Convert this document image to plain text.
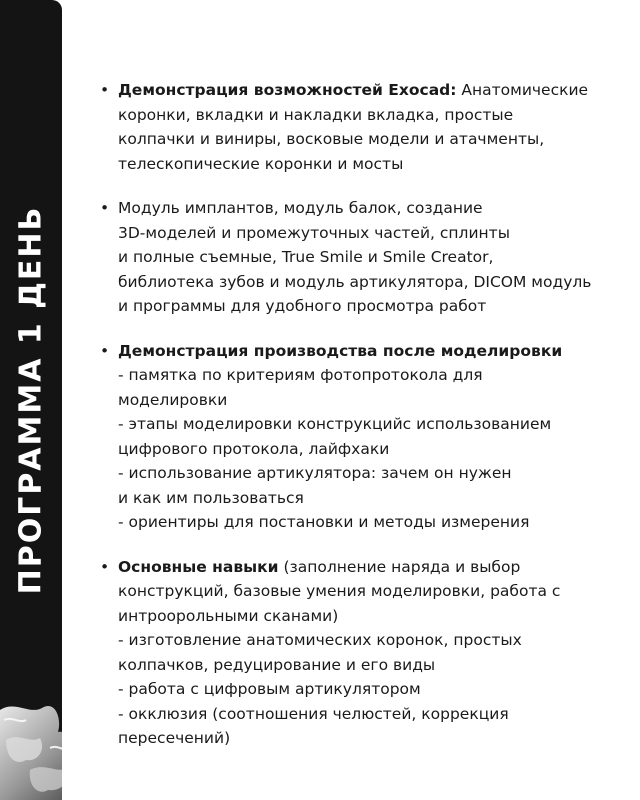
ПРОГРАММА 1 ДЕНЬ
• Демонстрация возможностей Exocad: Анатомические
коронки, вкладки и накладки вкладка, простые
колпачки и виниры, восковые модели и атачменты,
телескопические коронки и мосты
• Модуль имплантов, модуль балок, создание
3D-моделей и промежуточных частей, сплинты
и полные съемные, True Smile и Smile Creator,
библиотека зубов и модуль артикулятора, DICOM модуль
и программы для удобного просмотра работ
• Демонстрация производства после моделировки
- памятка по критериям фотопротокола для
моделировки
- этапы моделировки конструкцийс использованием
цифрового протокола, лайфхаки
- использование артикулятора: зачем он нужен
и как им пользоваться
- ориентиры для постановки и методы измерения
• Основные навыки (заполнение наряда и выбор
конструкций, базовые умения моделировки, работа с
интроорольными сканами)
- изготовление анатомических коронок, простых
колпачков, редуцирование и его виды
- работа с цифровым артикулятором
- окклюзия (соотношения челюстей, коррекция
пересечений)
